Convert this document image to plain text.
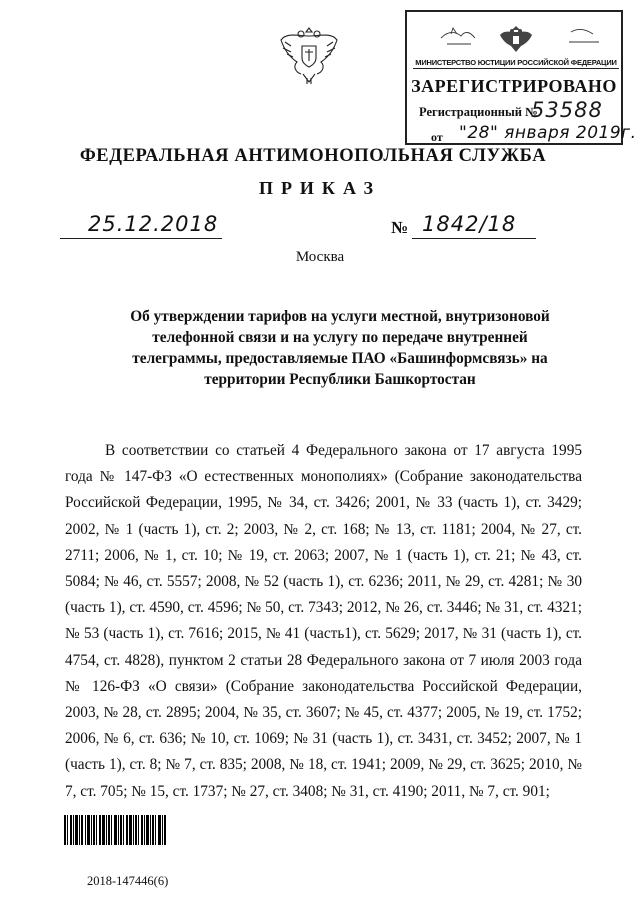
МИНИСТЕРСТВО ЮСТИЦИИ РОССИЙСКОЙ ФЕДЕРАЦИИ
ЗАРЕГИСТРИРОВАНО
Регистрационный №
53588
от "28" января 2019г.
ФЕДЕРАЛЬНАЯ АНТИМОНОПОЛЬНАЯ СЛУЖБА
ПРИКАЗ
25.12.2018	№ 1842/18
Москва
Об утверждении тарифов на услуги местной, внутризоновой телефонной связи и на услугу по передаче внутренней телеграммы, предоставляемые ПАО «Башинформсвязь» на территории Республики Башкортостан

В соответствии со статьей 4 Федерального закона от 17 августа 1995 года № 147-ФЗ «О естественных монополиях» (Собрание законодательства Российской Федерации, 1995, № 34, ст. 3426; 2001, № 33 (часть 1), ст. 3429; 2002, № 1 (часть 1), ст. 2; 2003, № 2, ст. 168; № 13, ст. 1181; 2004, № 27, ст. 2711; 2006, № 1, ст. 10; № 19, ст. 2063; 2007, № 1 (часть 1), ст. 21; № 43, ст. 5084; № 46, ст. 5557; 2008, № 52 (часть 1), ст. 6236; 2011, № 29, ст. 4281; № 30 (часть 1), ст. 4590, ст. 4596; № 50, ст. 7343; 2012, № 26, ст. 3446; № 31, ст. 4321; № 53 (часть 1), ст. 7616; 2015, № 41 (часть1), ст. 5629; 2017, № 31 (часть 1), ст. 4754, ст. 4828), пунктом 2 статьи 28 Федерального закона от 7 июля 2003 года № 126-ФЗ «О связи» (Собрание законодательства Российской Федерации, 2003, № 28, ст. 2895; 2004, № 35, ст. 3607; № 45, ст. 4377; 2005, № 19, ст. 1752; 2006, № 6, ст. 636; № 10, ст. 1069; № 31 (часть 1), ст. 3431, ст. 3452; 2007, № 1 (часть 1), ст. 8; № 7, ст. 835; 2008, № 18, ст. 1941; 2009, № 29, ст. 3625; 2010, № 7, ст. 705; № 15, ст. 1737; № 27, ст. 3408; № 31, ст. 4190; 2011, № 7, ст. 901;

2018-147446(6)
